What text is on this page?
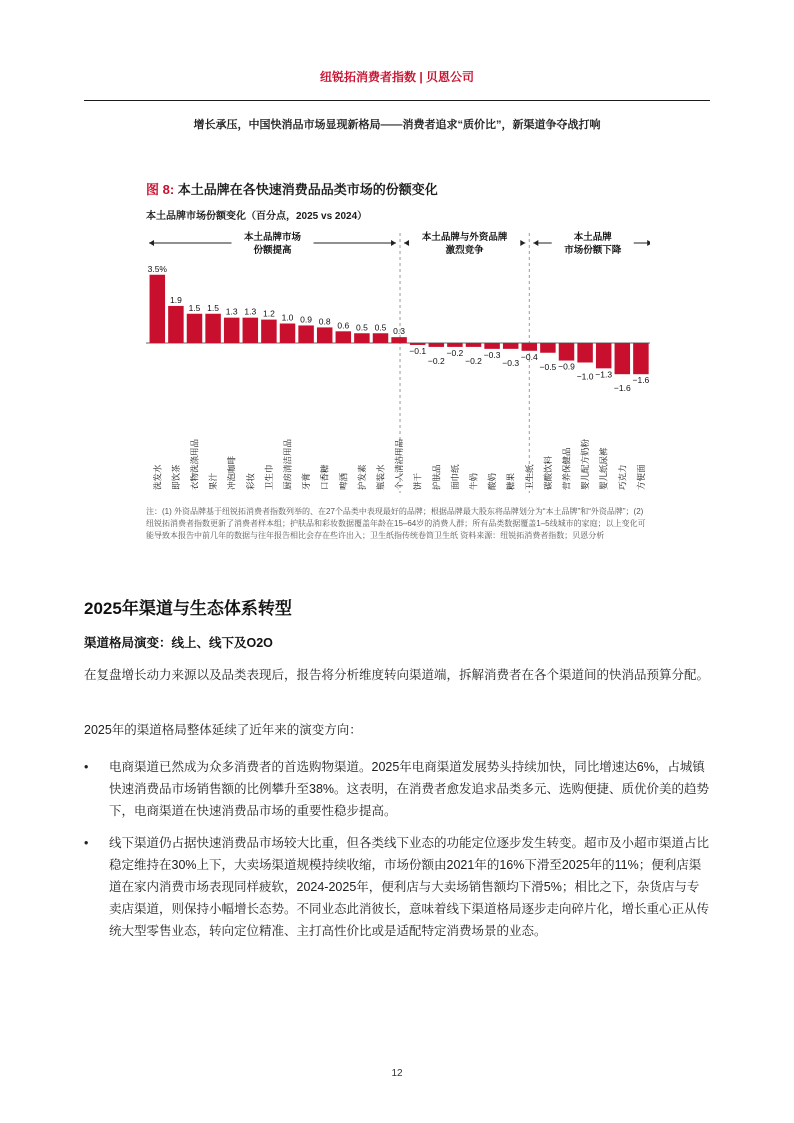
纽锐拓消费者指数 | 贝恩公司
增长承压，中国快消品市场显现新格局——消费者追求“质价比”，新渠道争夺战打响
图 8: 本土品牌在各快速消费品品类市场的份额变化
本土品牌市场份额变化（百分点，2025 vs 2024）
本土品牌市场
份额提高
本土品牌与外资品牌
激烈竞争
本土品牌
市场份额下降
3.5%
洗发水
1.9
即饮茶
1.5
衣物洗涤用品
1.5
果汁
1.3
冲泡咖啡
1.3
彩妆
1.2
卫生巾
1.0
厨房清洁用品
0.9
牙膏
0.8
口香糖
0.6
啤酒
0.5
护发素
0.5
瓶装水
0.3
个人清洁用品
−0.1
饼干
−0.2
护肤品
−0.2
面巾纸
−0.2
牛奶
−0.3
酸奶
−0.3
糖果
−0.4
卫生纸
−0.5
碳酸饮料
−0.9
营养保健品
−1.0
婴儿配方奶粉
−1.3
婴儿纸尿裤
−1.6
巧克力
−1.6
方便面
注：(1) 外资品牌基于纽锐拓消费者指数列举的、在27个品类中表现最好的品牌；根据品牌最大股东将品牌划分为“本土品牌”和“外资品牌”；(2) 纽锐拓消费者指数更新了消费者样本组；护肤品和彩妆数据覆盖年龄在15–64岁的消费人群；所有品类数据覆盖1–5线城市的家庭；以上变化可能导致本报告中前几年的数据与往年报告相比会存在些许出入；卫生纸指传统卷筒卫生纸 资料来源：纽锐拓消费者指数；贝恩分析
2025年渠道与生态体系转型
渠道格局演变：线上、线下及O2O
在复盘增长动力来源以及品类表现后，报告将分析维度转向渠道端，拆解消费者在各个渠道间的快消品预算分配。
2025年的渠道格局整体延续了近年来的演变方向：
•	电商渠道已然成为众多消费者的首选购物渠道。2025年电商渠道发展势头持续加快，同比增速达6%，占城镇快速消费品市场销售额的比例攀升至38%。这表明，在消费者愈发追求品类多元、选购便捷、质优价美的趋势下，电商渠道在快速消费品市场的重要性稳步提高。
•	线下渠道仍占据快速消费品市场较大比重，但各类线下业态的功能定位逐步发生转变。超市及小超市渠道占比稳定维持在30%上下，大卖场渠道规模持续收缩，市场份额由2021年的16%下滑至2025年的11%；便利店渠道在家内消费市场表现同样疲软，2024-2025年，便利店与大卖场销售额均下滑5%；相比之下，杂货店与专卖店渠道，则保持小幅增长态势。不同业态此消彼长，意味着线下渠道格局逐步走向碎片化，增长重心正从传统大型零售业态，转向定位精准、主打高性价比或是适配特定消费场景的业态。
12
